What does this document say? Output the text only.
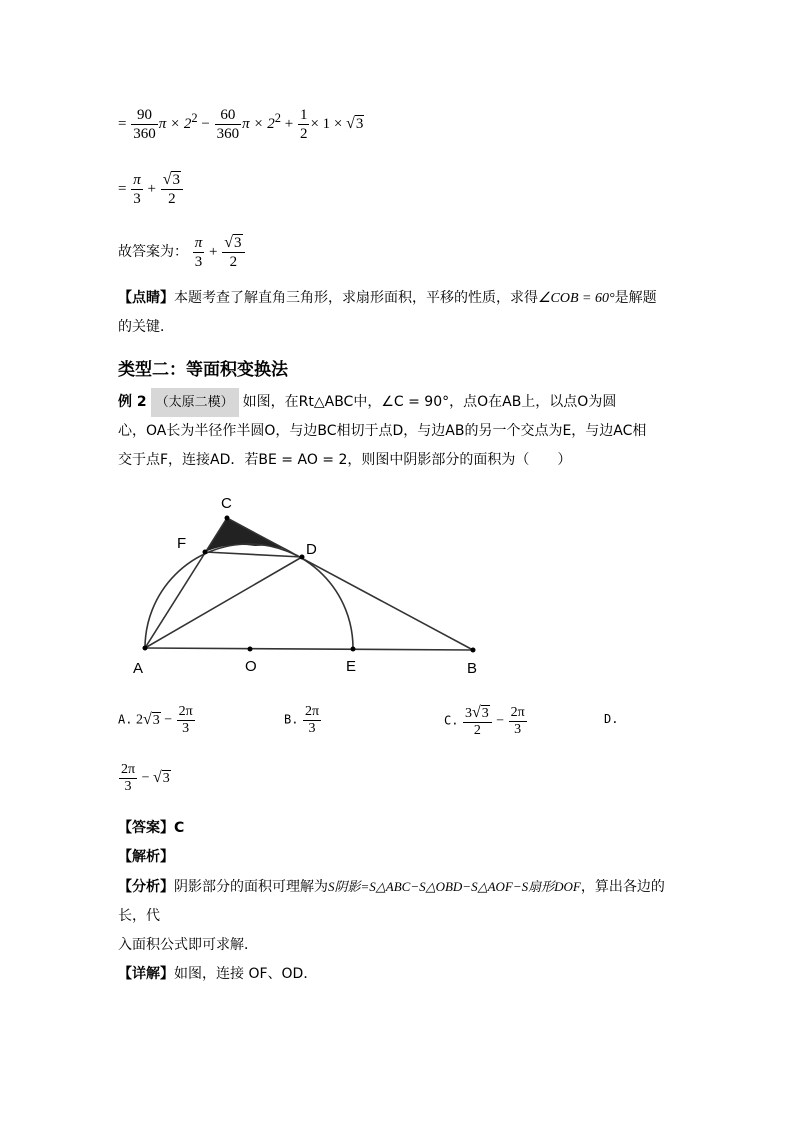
= $\frac{90}{360}$ $\pi \times 2^2 - \frac{60}{360}$ $\pi \times 2^2 + \frac{1}{2} \times 1 \times √3$
= $\frac{\pi}{3} + \frac{√3}{2}$
故答案为： $\frac{\pi}{3} + \frac{√3}{2}$
【点睛】本题考查了解直角三角形，求扇形面积，平移的性质，求得∠COB = 60°是解题
的关键．
类型二：等面积变换法
例 2 （太原二模） 如图，在Rt△ABC中，∠C = 90°，点O在AB上，以点O为圆
心，OA长为半径作半圆O，与边BC相切于点D，与边AB的另一个交点为E，与边AC相
交于点F，连接AD．若BE = AO = 2，则图中阴影部分的面积为（　　）
C
F	D
A	O	E	B
A. $2√3 - \frac{2\pi}{3}$	B. $\frac{2\pi}{3}$	C. $\frac{3√3}{2} - \frac{2\pi}{3}$	D.
$\frac{2\pi}{3} - √3$
【答案】C
【解析】
【分析】阴影部分的面积可理解为S阴影=S△ABC−S△OBD−S△AOF−S扇形DOF，算出各边的长，代
入面积公式即可求解．
【详解】如图，连接 OF、OD．
